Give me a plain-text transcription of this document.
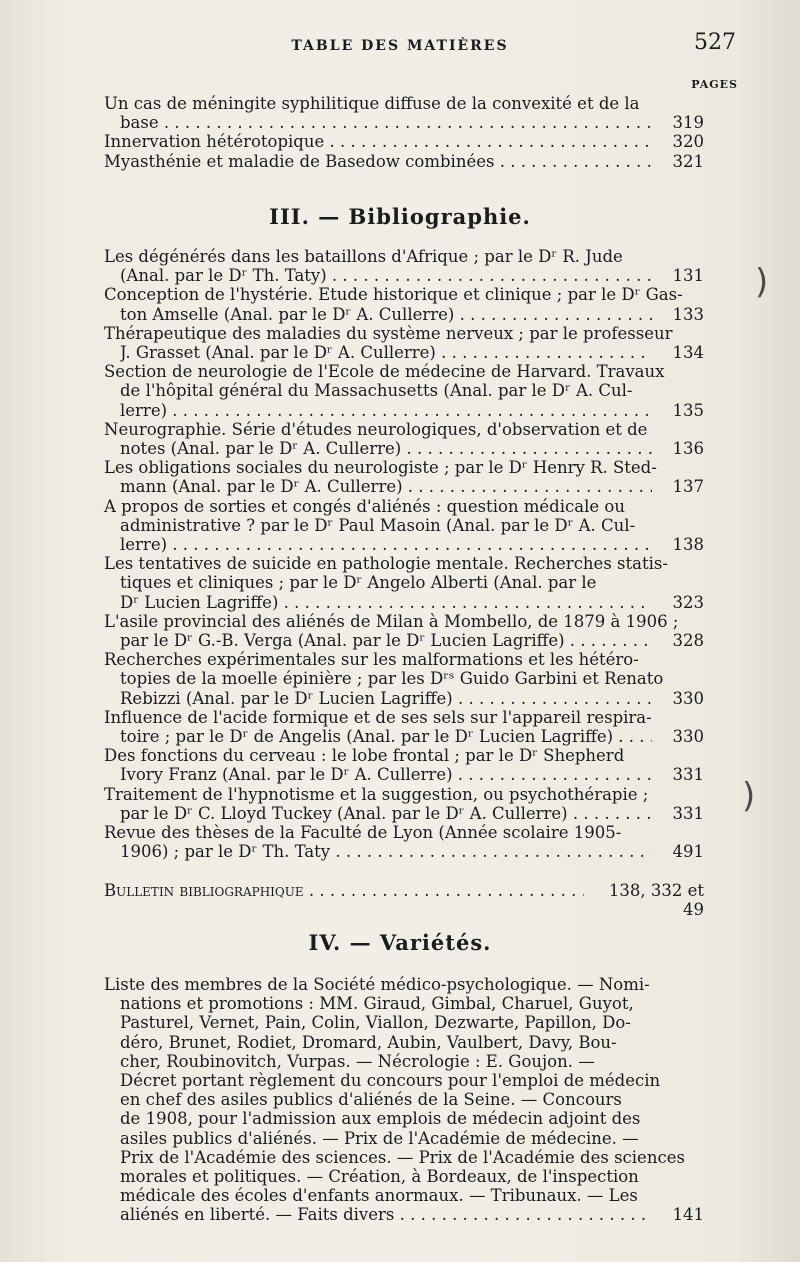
TABLE DES MATIÈRES	527
PAGES
Un cas de méningite syphilitique diffuse de la convexité et de la
base . . .	319
Innervation hétérotopique . . .	320
Myasthénie et maladie de Basedow combinées . . .	321
III. — Bibliographie.
Les dégénérés dans les bataillons d'Afrique ; par le Dʳ R. Jude
(Anal. par le Dʳ Th. Taty) . . .	131
Conception de l'hystérie. Etude historique et clinique ; par le Dʳ Gas-
ton Amselle (Anal. par le Dʳ A. Cullerre) . . .	133
Thérapeutique des maladies du système nerveux ; par le professeur
J. Grasset (Anal. par le Dʳ A. Cullerre) . . .	134
Section de neurologie de l'Ecole de médecine de Harvard. Travaux
de l'hôpital général du Massachusetts (Anal. par le Dʳ A. Cul-
lerre) . . .	135
Neurographie. Série d'études neurologiques, d'observation et de
notes (Anal. par le Dʳ A. Cullerre) . . .	136
Les obligations sociales du neurologiste ; par le Dʳ Henry R. Sted-
mann (Anal. par le Dʳ A. Cullerre) . . .	137
A propos de sorties et congés d'aliénés : question médicale ou
administrative ? par le Dʳ Paul Masoin (Anal. par le Dʳ A. Cul-
lerre) . . .	138
Les tentatives de suicide en pathologie mentale. Recherches statis-
tiques et cliniques ; par le Dʳ Angelo Alberti (Anal. par le
Dʳ Lucien Lagriffe) . . .	323
L'asile provincial des aliénés de Milan à Mombello, de 1879 à 1906 ;
par le Dʳ G.-B. Verga (Anal. par le Dʳ Lucien Lagriffe) . . .	328
Recherches expérimentales sur les malformations et les hétéro-
topies de la moelle épinière ; par les Dʳˢ Guido Garbini et Renato
Rebizzi (Anal. par le Dʳ Lucien Lagriffe) . . .	330
Influence de l'acide formique et de ses sels sur l'appareil respira-
toire ; par le Dʳ de Angelis (Anal. par le Dʳ Lucien Lagriffe) . . .	330
Des fonctions du cerveau : le lobe frontal ; par le Dʳ Shepherd
Ivory Franz (Anal. par le Dʳ A. Cullerre) . . .	331
Traitement de l'hypnotisme et la suggestion, ou psychothérapie ;
par le Dʳ C. Lloyd Tuckey (Anal. par le Dʳ A. Cullerre) . . .	331
Revue des thèses de la Faculté de Lyon (Année scolaire 1905-
1906) ; par le Dʳ Th. Taty . . .	491
Bulletin bibliographique . . .	138, 332 et 49
IV. — Variétés.
Liste des membres de la Société médico-psychologique. — Nomi-
nations et promotions : MM. Giraud, Gimbal, Charuel, Guyot,
Pasturel, Vernet, Pain, Colin, Viallon, Dezwarte, Papillon, Do-
déro, Brunet, Rodiet, Dromard, Aubin, Vaulbert, Davy, Bou-
cher, Roubinovitch, Vurpas. — Nécrologie : E. Goujon. —
Décret portant règlement du concours pour l'emploi de médecin
en chef des asiles publics d'aliénés de la Seine. — Concours
de 1908, pour l'admission aux emplois de médecin adjoint des
asiles publics d'aliénés. — Prix de l'Académie de médecine. —
Prix de l'Académie des sciences. — Prix de l'Académie des sciences
morales et politiques. — Création, à Bordeaux, de l'inspection
médicale des écoles d'enfants anormaux. — Tribunaux. — Les
aliénés en liberté. — Faits divers . . .	141
)
)
